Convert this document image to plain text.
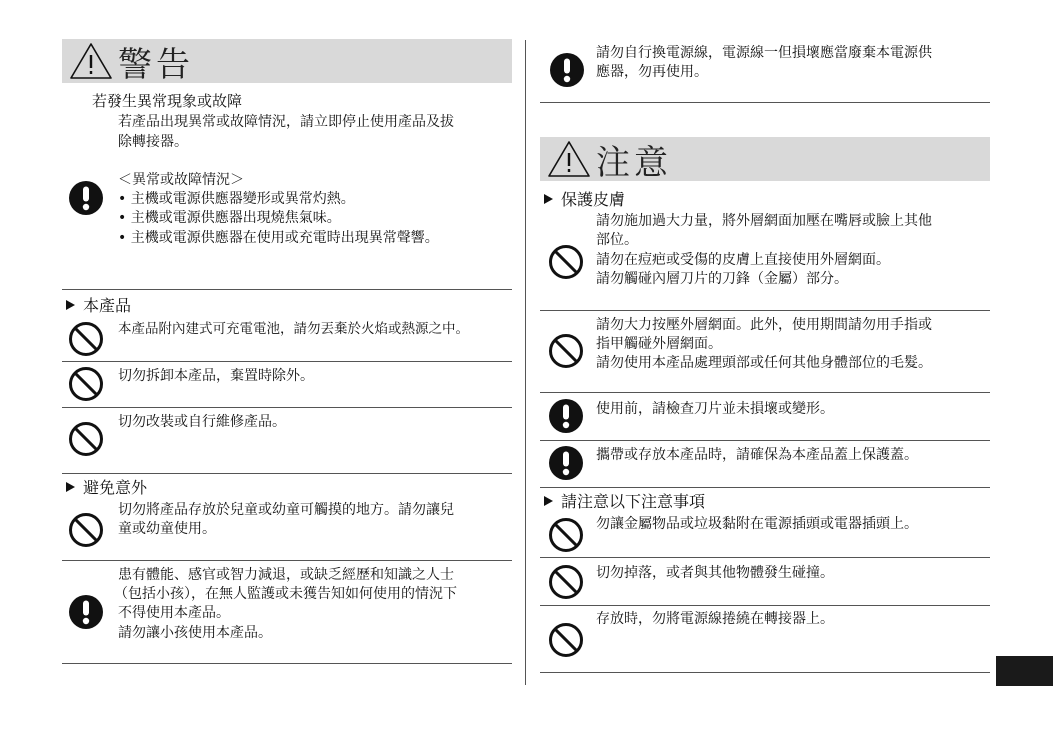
警告
若發生異常現象或故障
若產品出現異常或故障情況，請立即停止使用產品及拔
除轉接器。
＜異常或故障情況＞
• 主機或電源供應器變形或異常灼熱。
• 主機或電源供應器出現燒焦氣味。
• 主機或電源供應器在使用或充電時出現異常聲響。
本產品
本產品附內建式可充電電池，請勿丟棄於火焰或熱源之中。
切勿拆卸本產品，棄置時除外。
切勿改裝或自行維修產品。
避免意外
切勿將產品存放於兒童或幼童可觸摸的地方。請勿讓兒
童或幼童使用。
患有體能、感官或智力減退，或缺乏經歷和知識之人士
（包括小孩），在無人監護或未獲告知如何使用的情況下
不得使用本產品。
請勿讓小孩使用本產品。
請勿自行換電源線，電源線一但損壞應當廢棄本電源供
應器，勿再使用。
注意
保護皮膚
請勿施加過大力量，將外層網面加壓在嘴唇或臉上其他
部位。
請勿在痘疤或受傷的皮膚上直接使用外層網面。
請勿觸碰內層刀片的刀鋒（金屬）部分。
請勿大力按壓外層網面。此外，使用期間請勿用手指或
指甲觸碰外層網面。
請勿使用本產品處理頭部或任何其他身體部位的毛髮。
使用前，請檢查刀片並未損壞或變形。
攜帶或存放本產品時，請確保為本產品蓋上保護蓋。
請注意以下注意事項
勿讓金屬物品或垃圾黏附在電源插頭或電器插頭上。
切勿掉落，或者與其他物體發生碰撞。
存放時，勿將電源線捲繞在轉接器上。
